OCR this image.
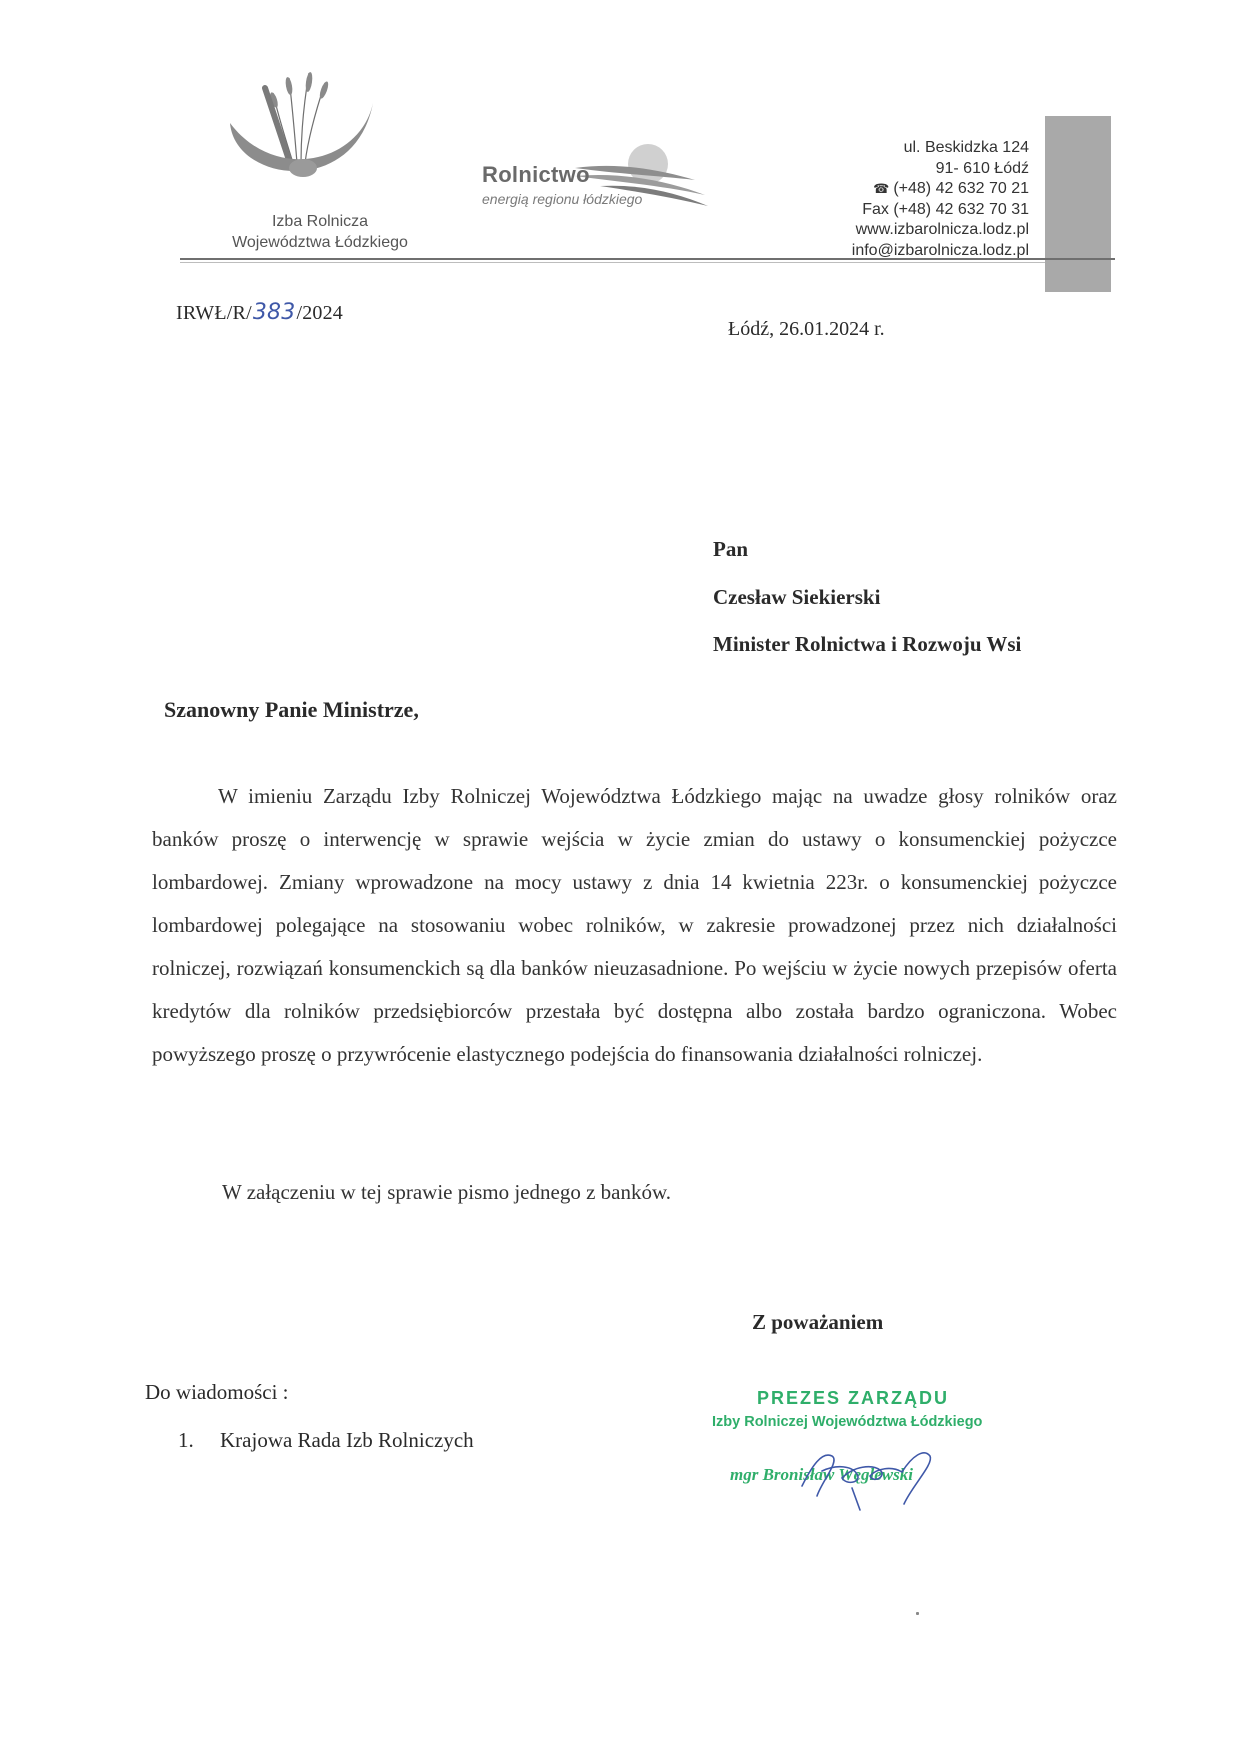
Izba Rolnicza
Województwa Łódzkiego
Rolnictwo
energią regionu łódzkiego
ul. Beskidzka 124
91- 610 Łódź
☎ (+48) 42 632 70 21
Fax (+48) 42 632 70 31
www.izbarolnicza.lodz.pl
info@izbarolnicza.lodz.pl
IRWŁ/R/383/2024
Łódź, 26.01.2024 r.
Pan
Czesław Siekierski
Minister Rolnictwa i Rozwoju Wsi
Szanowny Panie Ministrze,

W imieniu Zarządu Izby Rolniczej Województwa Łódzkiego mając na uwadze głosy rolników oraz banków proszę o interwencję w sprawie wejścia w życie zmian do ustawy o konsumenckiej pożyczce lombardowej. Zmiany wprowadzone na mocy ustawy z dnia 14 kwietnia 223r. o konsumenckiej pożyczce lombardowej polegające na stosowaniu wobec rolników, w zakresie prowadzonej przez nich działalności rolniczej, rozwiązań konsumenckich są dla banków nieuzasadnione. Po wejściu w życie nowych przepisów oferta kredytów dla rolników przedsiębiorców przestała być dostępna albo została bardzo ograniczona. Wobec powyższego proszę o przywrócenie elastycznego podejścia do finansowania działalności rolniczej.

W załączeniu w tej sprawie pismo jednego z banków.
Z poważaniem
Do wiadomości :
1. Krajowa Rada Izb Rolniczych
PREZES ZARZĄDU
Izby Rolniczej Województwa Łódzkiego
mgr Bronisław Węglewski
